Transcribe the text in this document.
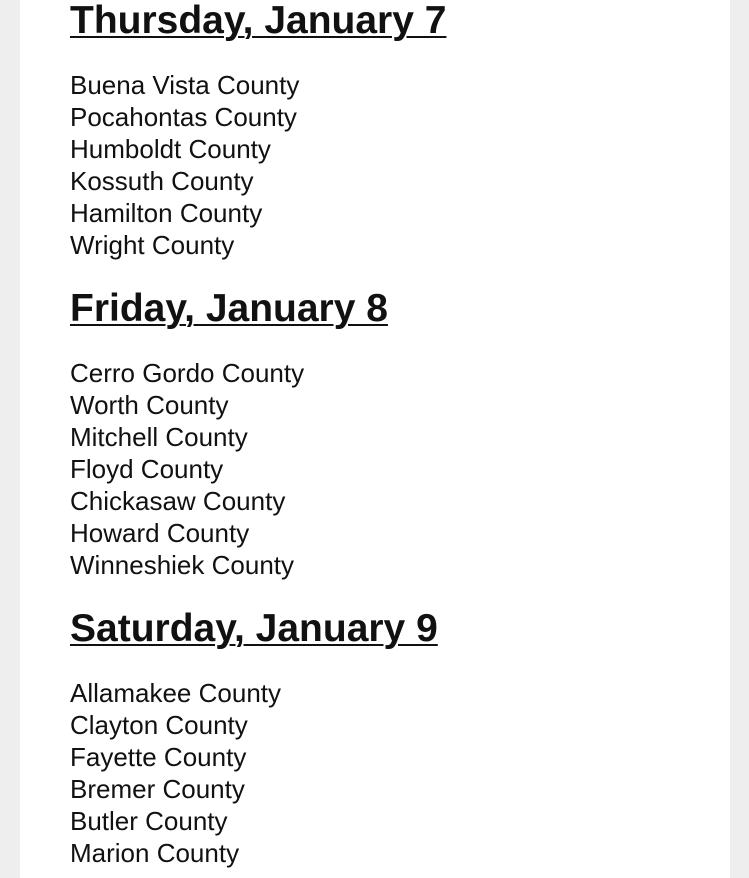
Thursday, January 7
Buena Vista County
Pocahontas County
Humboldt County
Kossuth County
Hamilton County
Wright County
Friday, January 8
Cerro Gordo County
Worth County
Mitchell County
Floyd County
Chickasaw County
Howard County
Winneshiek County
Saturday, January 9
Allamakee County
Clayton County
Fayette County
Bremer County
Butler County
Marion County
